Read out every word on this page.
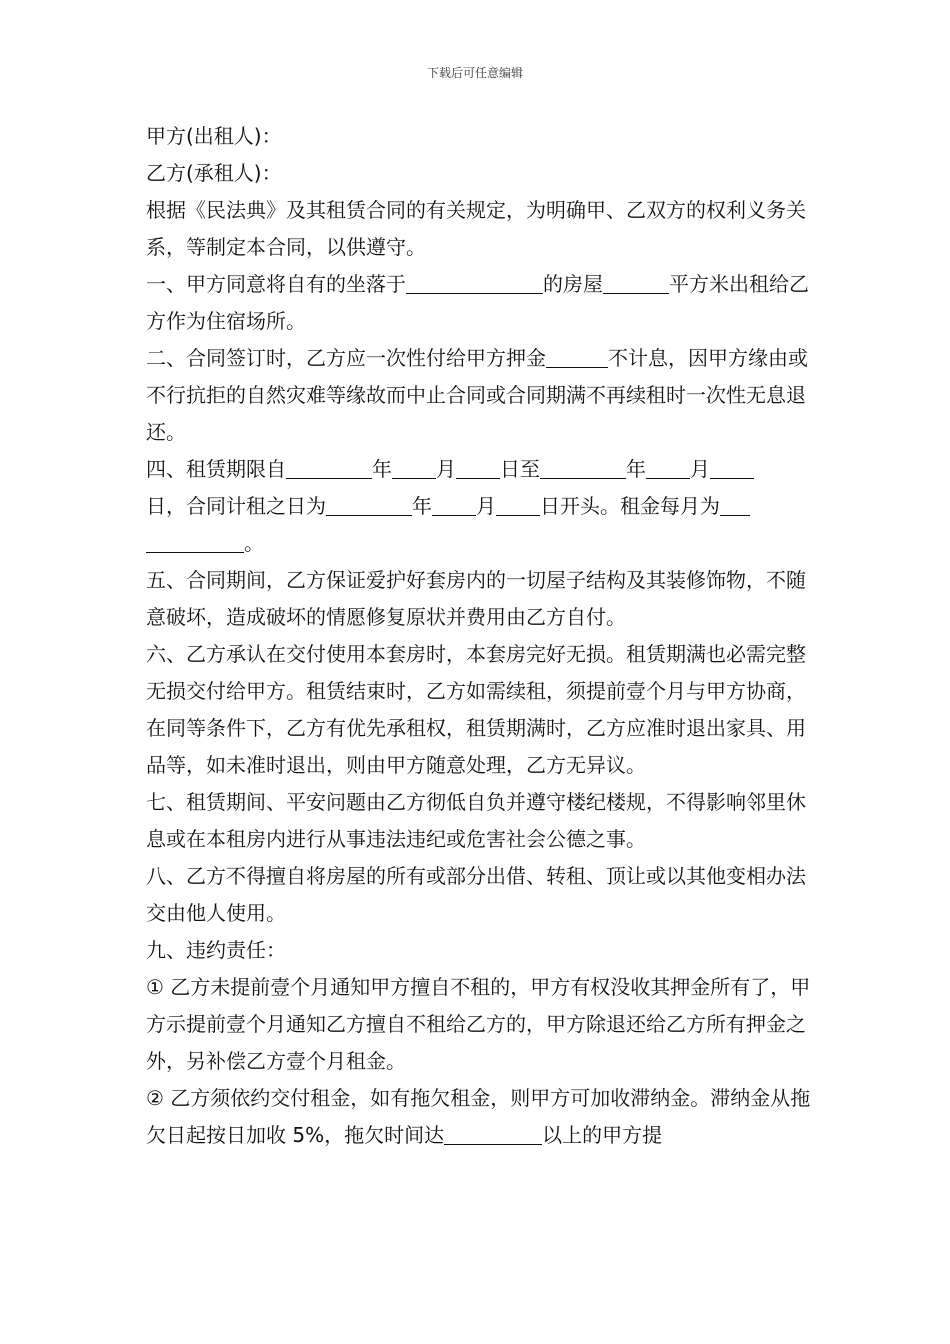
下载后可任意编辑

甲方(出租人)：

乙方(承租人)：

根据《民法典》及其租赁合同的有关规定，为明确甲、乙双方的权利义务关系，等制定本合同，以供遵守。

一、甲方同意将自有的坐落于	的房屋	平方米出租给乙方作为住宿场所。

二、合同签订时，乙方应一次性付给甲方押金	不计息，因甲方缘由或不行抗拒的自然灾难等缘故而中止合同或合同期满不再续租时一次性无息退还。

四、租赁期限自	年 月 日至	年 月
日，合同计租之日为	年 月 日开头。租金每月为
。

五、合同期间，乙方保证爱护好套房内的一切屋子结构及其装修饰物，不随意破坏，造成破坏的情愿修复原状并费用由乙方自付。

六、乙方承认在交付使用本套房时，本套房完好无损。租赁期满也必需完整无损交付给甲方。租赁结束时，乙方如需续租，须提前壹个月与甲方协商，在同等条件下，乙方有优先承租权，租赁期满时，乙方应准时退出家具、用品等，如未准时退出，则由甲方随意处理，乙方无异议。

七、租赁期间、平安问题由乙方彻低自负并遵守楼纪楼规，不得影响邻里休息或在本租房内进行从事违法违纪或危害社会公德之事。

八、乙方不得擅自将房屋的所有或部分出借、转租、顶让或以其他变相办法交由他人使用。

九、违约责任：

① 乙方未提前壹个月通知甲方擅自不租的，甲方有权没收其押金所有了，甲方示提前壹个月通知乙方擅自不租给乙方的，甲方除退还给乙方所有押金之外，另补偿乙方壹个月租金。

② 乙方须依约交付租金，如有拖欠租金，则甲方可加收滞纳金。滞纳金从拖欠日起按日加收 5%，拖欠时间达	以上的甲方提
